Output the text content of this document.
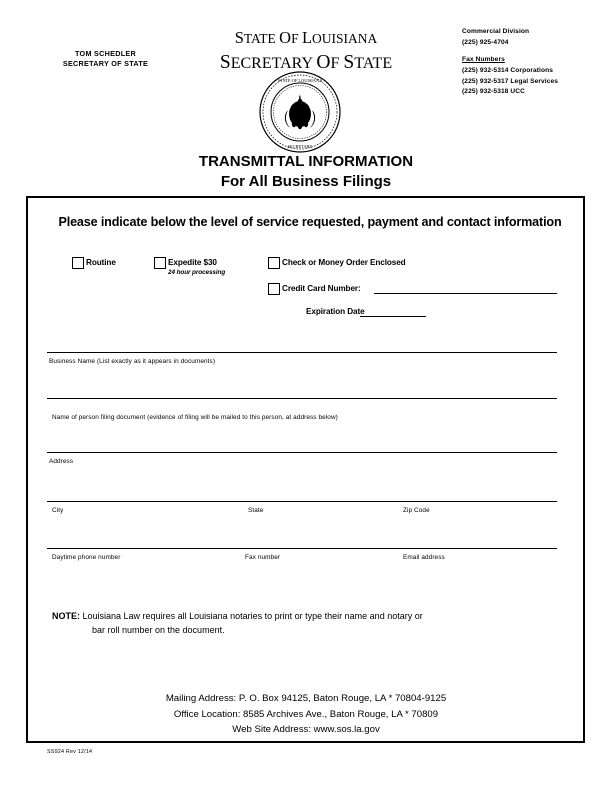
TOM SCHEDLER
SECRETARY OF STATE
STATE OF LOUISIANA
SECRETARY OF STATE
STATE OF LOUISIANA
SECRETARY
Commercial Division
(225) 925-4704
Fax Numbers
(225) 932-5314 Corporations
(225) 932-5317 Legal Services
(225) 932-5318 UCC
TRANSMITTAL INFORMATION
For All Business Filings
Please indicate below the level of service requested, payment and contact information
Routine	Expedite $30
24 hour processing
Check or Money Order Enclosed
Credit Card Number:
Expiration Date
Business Name (List exactly as it appears in documents)
Name of person filing document (evidence of filing will be mailed to this person, at address below)
Address
City	State	Zip Code
Daytime phone number	Fax number	Email address
NOTE: Louisiana Law requires all Louisiana notaries to print or type their name and notary or
bar roll number on the document.
Mailing Address: P. O. Box 94125, Baton Rouge, LA * 70804-9125
Office Location: 8585 Archives Ave., Baton Rouge, LA * 70809
Web Site Address: www.sos.la.gov
SS924 Rev 12/14
